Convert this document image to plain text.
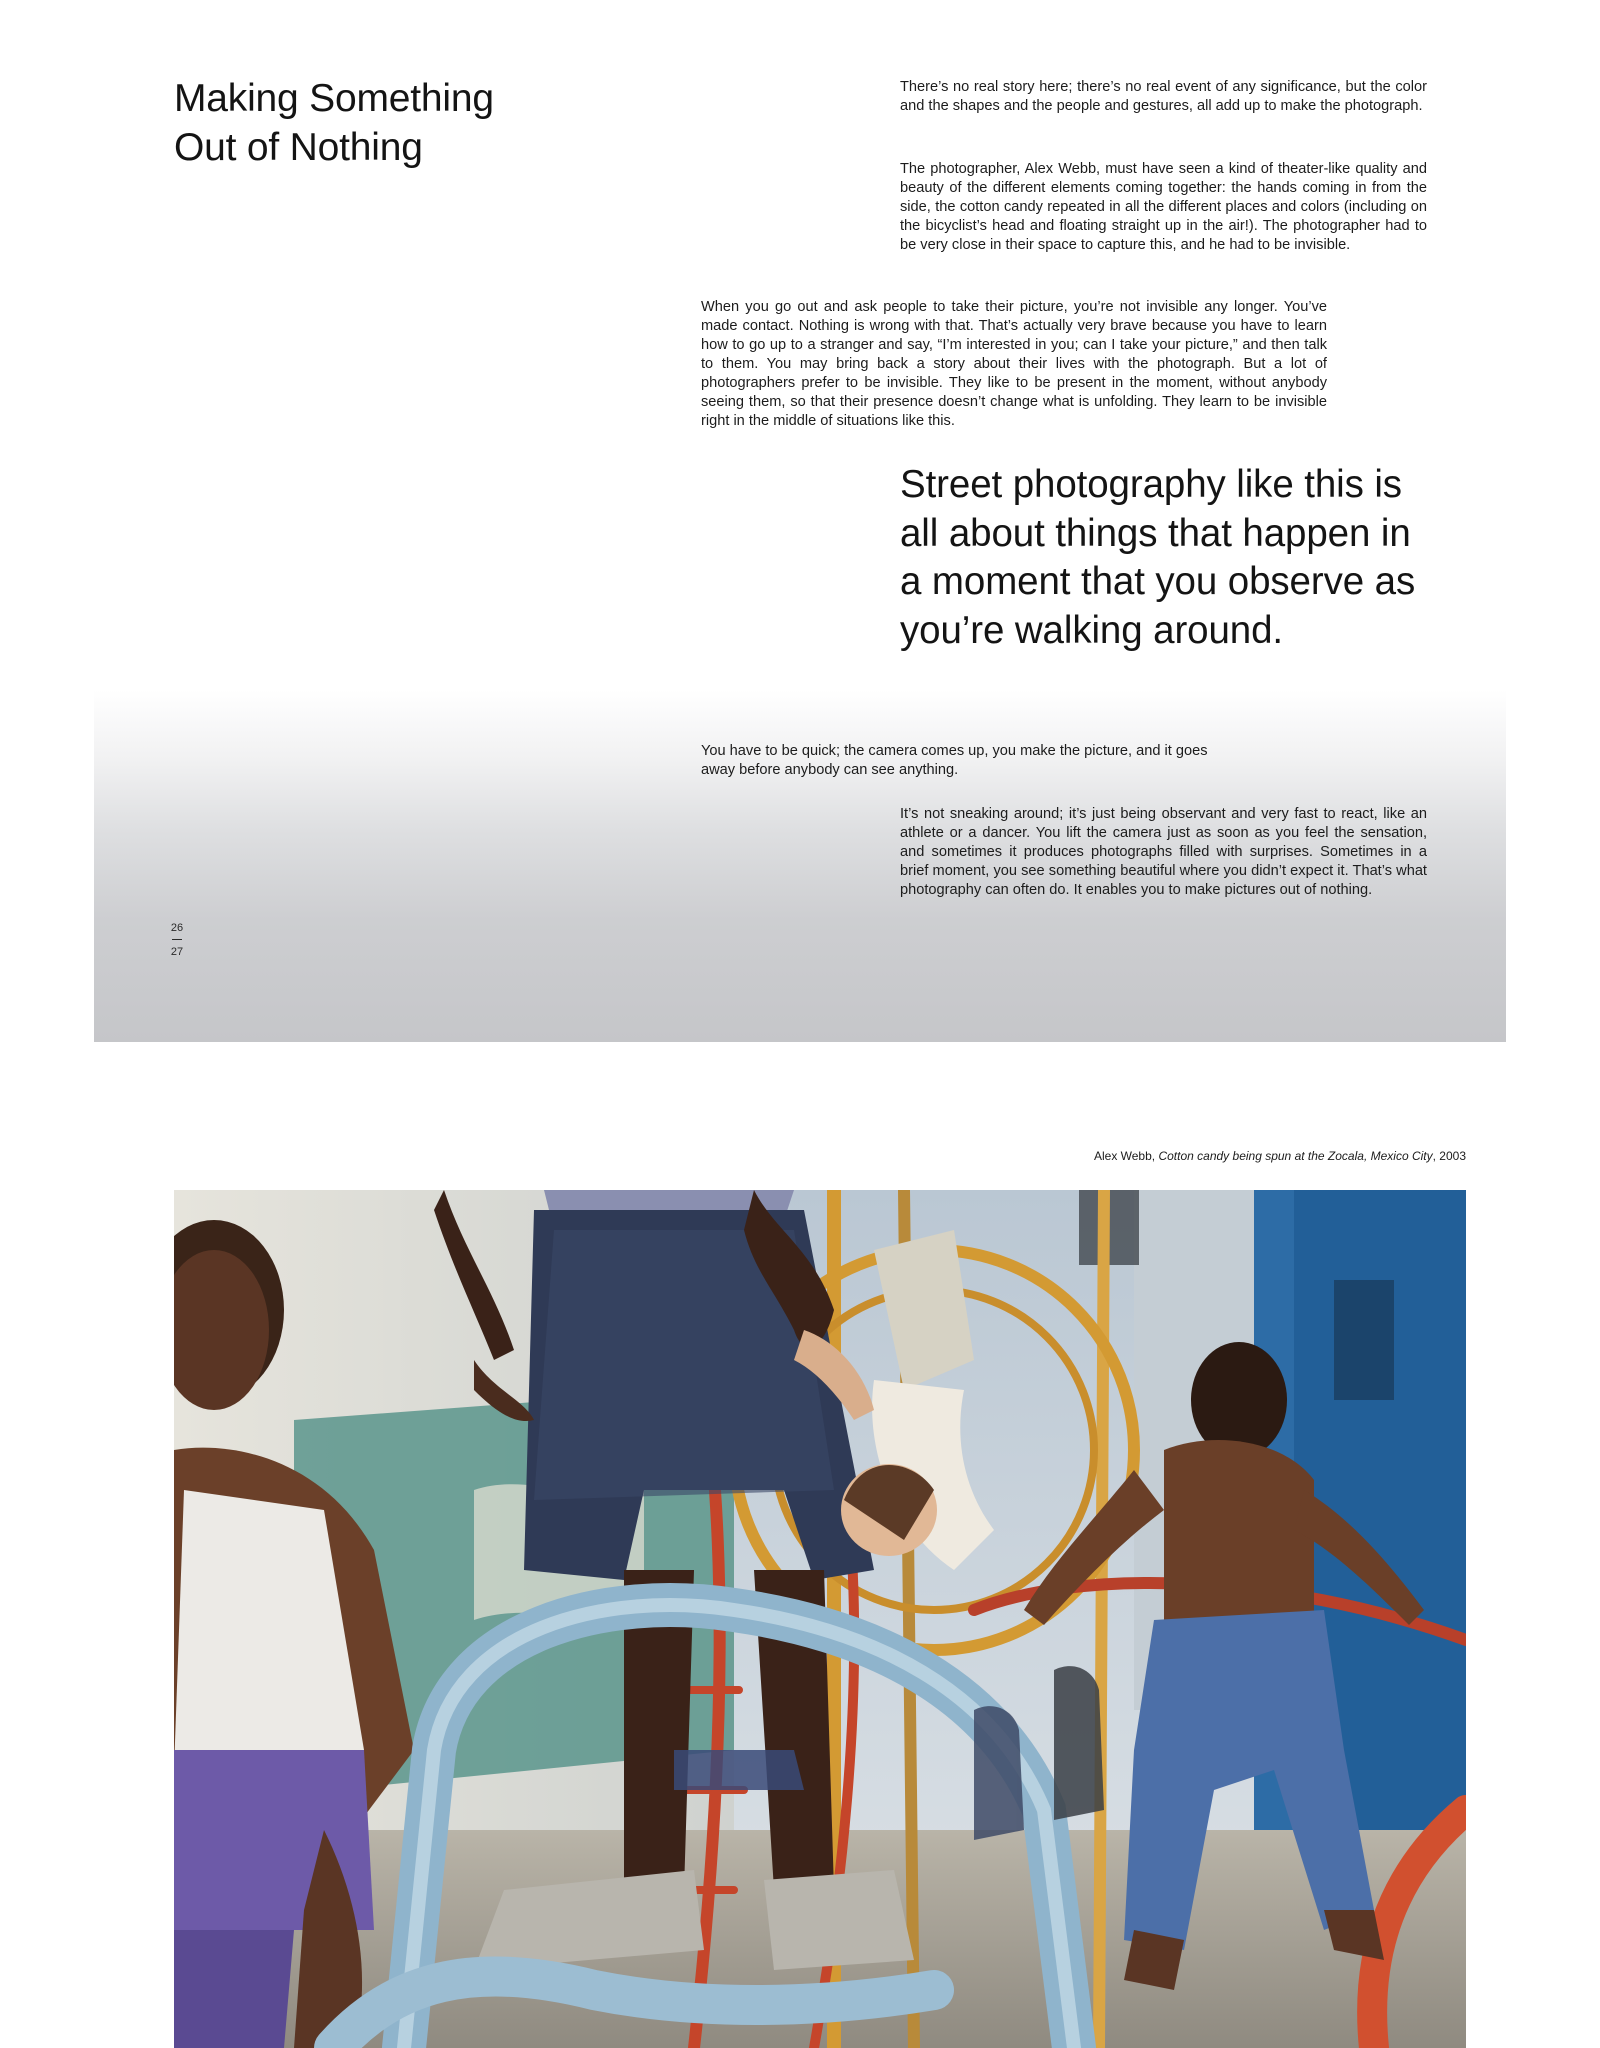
Making Something
Out of Nothing

There’s no real story here; there’s no real event of any significance, but the color and the shapes and the people and gestures, all add up to make the photograph.

The photographer, Alex Webb, must have seen a kind of theater-like quality and beauty of the different elements coming together: the hands coming in from the side, the cotton candy repeated in all the different places and colors (including on the bicyclist’s head and floating straight up in the air!). The photographer had to be very close in their space to capture this, and he had to be invisible.

When you go out and ask people to take their picture, you’re not invisible any longer. You’ve made contact. Nothing is wrong with that. That’s actually very brave because you have to learn how to go up to a stranger and say, “I’m interested in you; can I take your picture,” and then talk to them. You may bring back a story about their lives with the photograph. But a lot of photographers prefer to be invisible. They like to be present in the moment, without anybody seeing them, so that their presence doesn’t change what is unfolding. They learn to be invisible right in the middle of situations like this.

Street photography like this is all about things that happen in a moment that you observe as you’re walking around.

You have to be quick; the camera comes up, you make the picture, and it goes away before anybody can see anything.

It’s not sneaking around; it’s just being observant and very fast to react, like an athlete or a dancer. You lift the camera just as soon as you feel the sensation, and sometimes it produces photographs filled with surprises. Sometimes in a brief moment, you see something beautiful where you didn’t expect it. That’s what photography can often do. It enables you to make pictures out of nothing.

26
27
Alex Webb, Cotton candy being spun at the Zocala, Mexico City, 2003
